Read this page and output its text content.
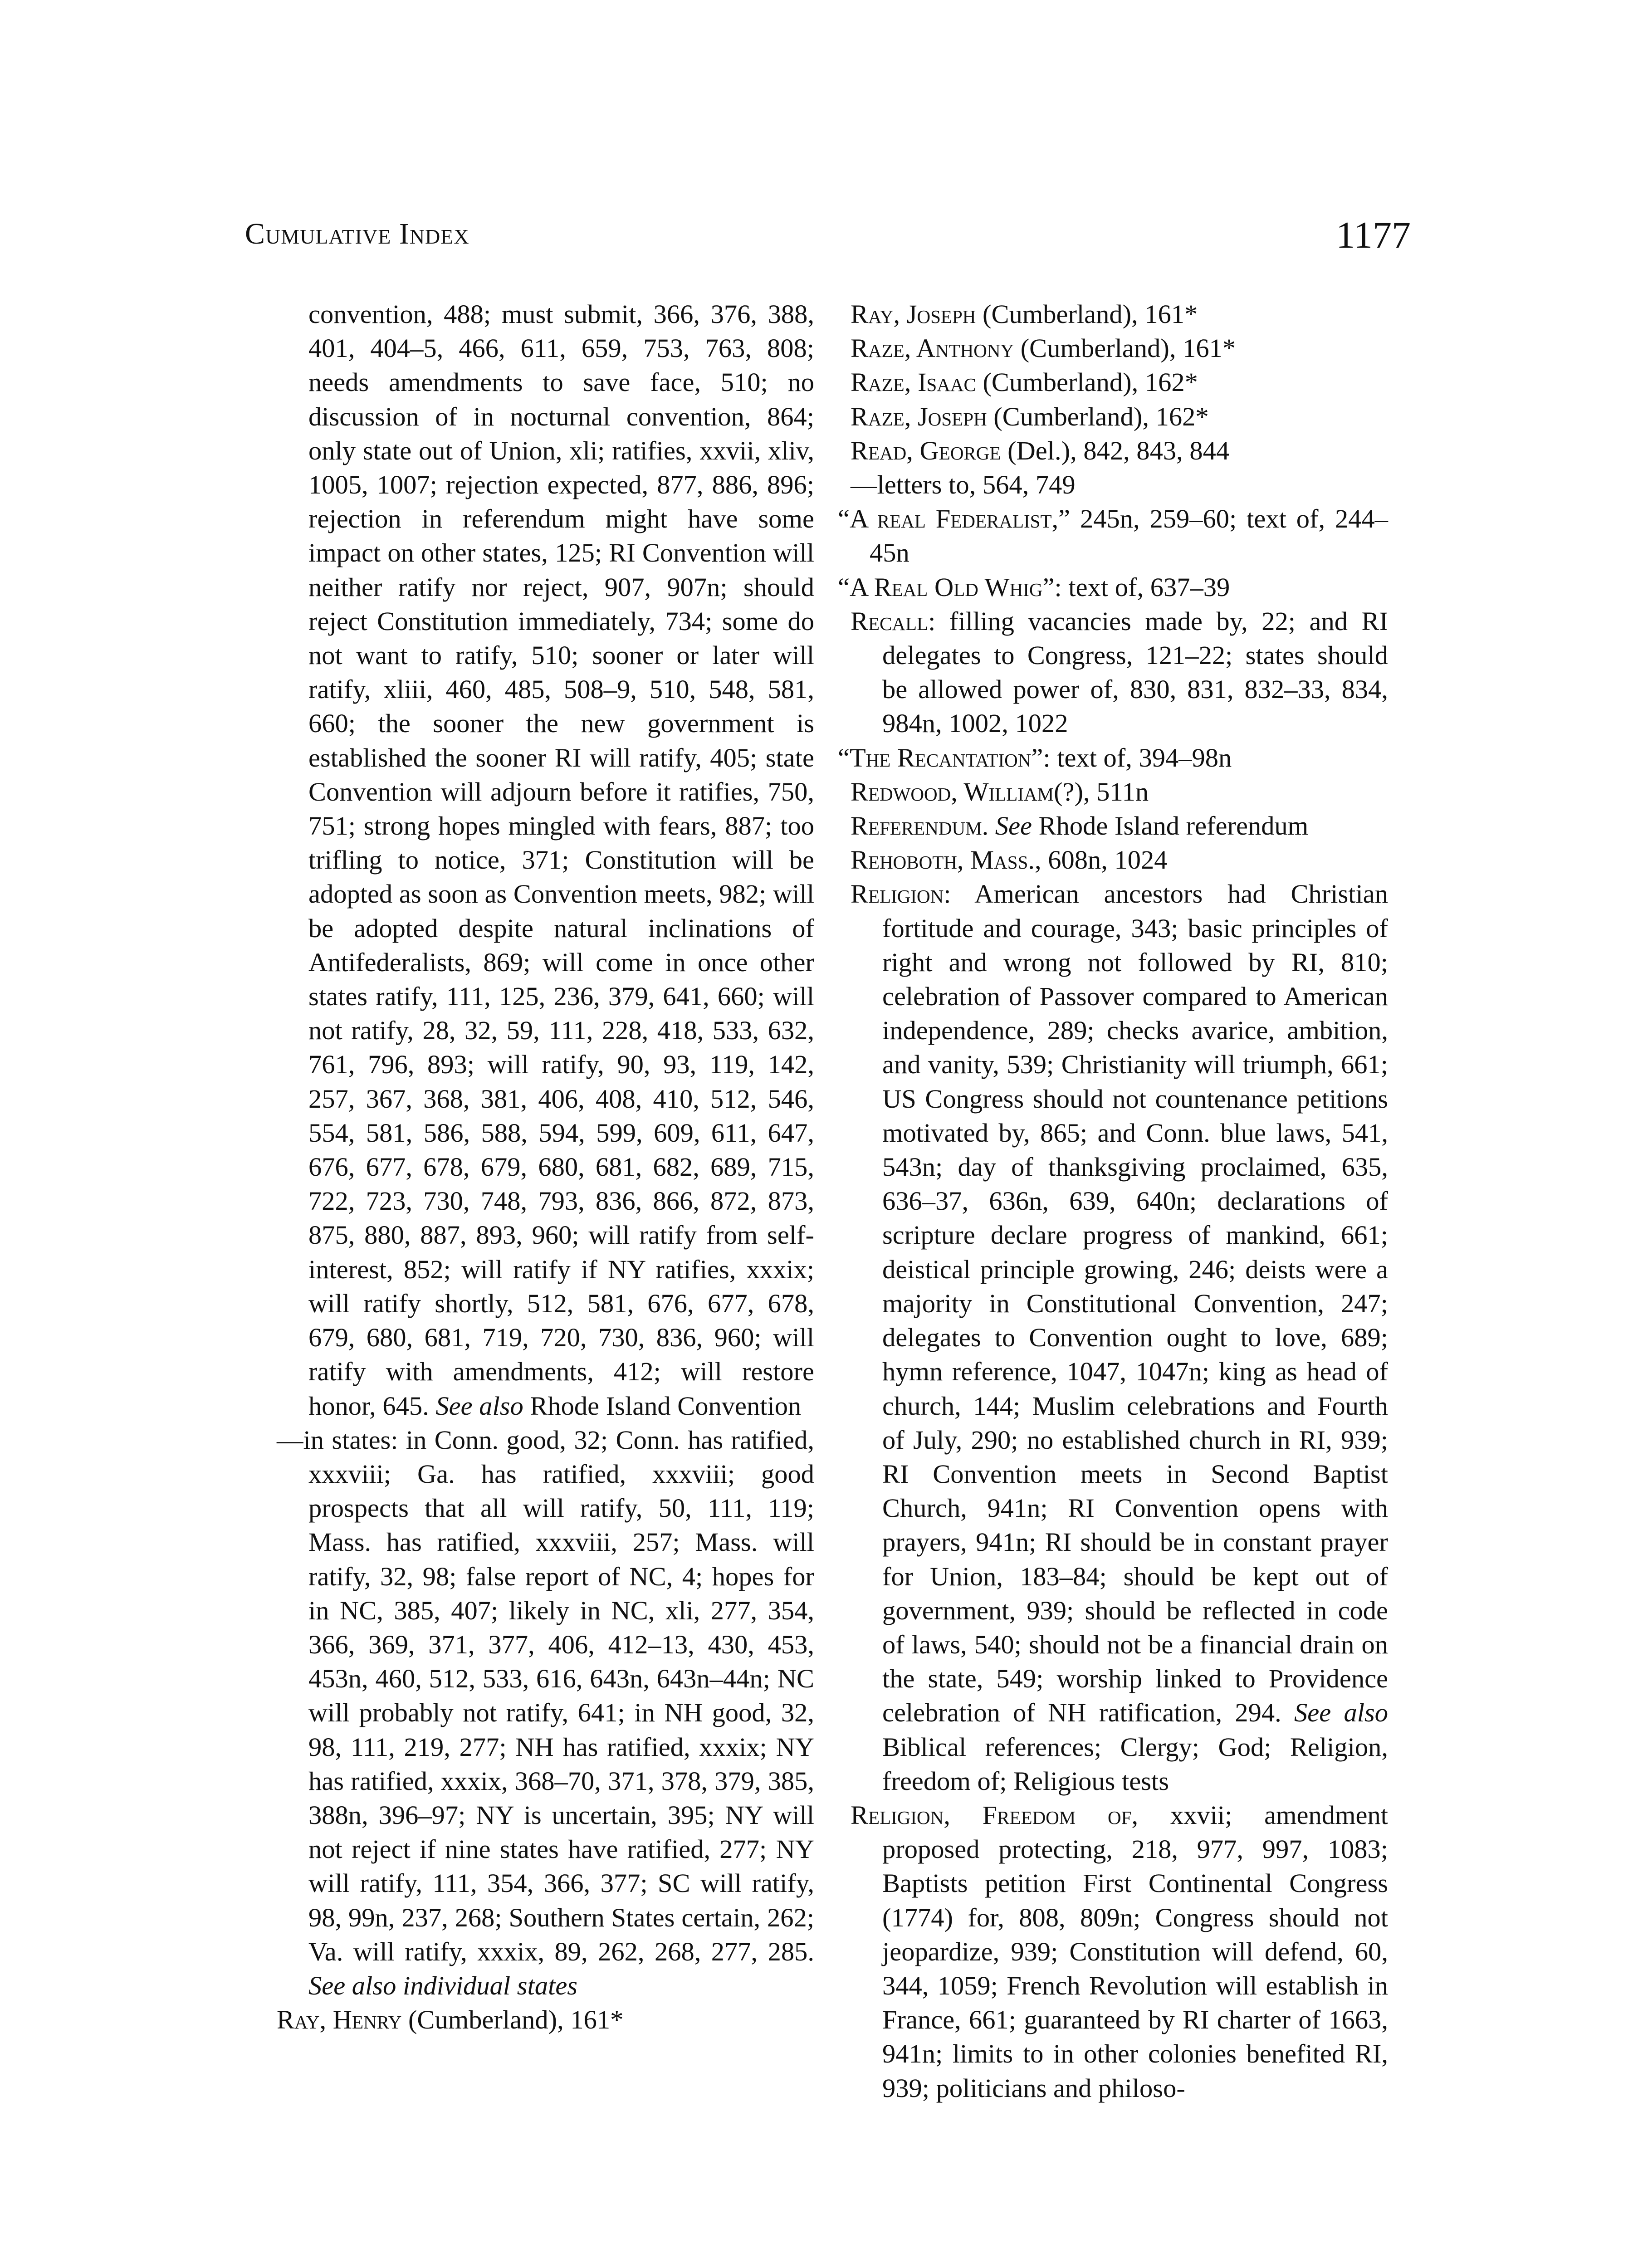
Cumulative Index	1177

convention, 488; must submit, 366, 376, 388, 401, 404–5, 466, 611, 659, 753, 763, 808; needs amendments to save face, 510; no discussion of in nocturnal convention, 864; only state out of Union, xli; ratifies, xxvii, xliv, 1005, 1007; rejection expected, 877, 886, 896; rejection in referendum might have some impact on other states, 125; RI Convention will neither ratify nor reject, 907, 907n; should reject Constitution immediately, 734; some do not want to ratify, 510; sooner or later will ratify, xliii, 460, 485, 508–9, 510, 548, 581, 660; the sooner the new government is established the sooner RI will ratify, 405; state Convention will adjourn before it ratifies, 750, 751; strong hopes mingled with fears, 887; too trifling to notice, 371; Constitution will be adopted as soon as Convention meets, 982; will be adopted despite natural inclinations of Antifederalists, 869; will come in once other states ratify, 111, 125, 236, 379, 641, 660; will not ratify, 28, 32, 59, 111, 228, 418, 533, 632, 761, 796, 893; will ratify, 90, 93, 119, 142, 257, 367, 368, 381, 406, 408, 410, 512, 546, 554, 581, 586, 588, 594, 599, 609, 611, 647, 676, 677, 678, 679, 680, 681, 682, 689, 715, 722, 723, 730, 748, 793, 836, 866, 872, 873, 875, 880, 887, 893, 960; will ratify from self-interest, 852; will ratify if NY ratifies, xxxix; will ratify shortly, 512, 581, 676, 677, 678, 679, 680, 681, 719, 720, 730, 836, 960; will ratify with amendments, 412; will restore honor, 645. See also Rhode Island Convention

—in states: in Conn. good, 32; Conn. has ratified, xxxviii; Ga. has ratified, xxxviii; good prospects that all will ratify, 50, 111, 119; Mass. has ratified, xxxviii, 257; Mass. will ratify, 32, 98; false report of NC, 4; hopes for in NC, 385, 407; likely in NC, xli, 277, 354, 366, 369, 371, 377, 406, 412–13, 430, 453, 453n, 460, 512, 533, 616, 643n, 643n–44n; NC will probably not ratify, 641; in NH good, 32, 98, 111, 219, 277; NH has ratified, xxxix; NY has ratified, xxxix, 368–70, 371, 378, 379, 385, 388n, 396–97; NY is uncertain, 395; NY will not reject if nine states have ratified, 277; NY will ratify, 111, 354, 366, 377; SC will ratify, 98, 99n, 237, 268; Southern States certain, 262; Va. will ratify, xxxix, 89, 262, 268, 277, 285. See also individual states

Ray, Henry (Cumberland), 161*

Ray, Joseph (Cumberland), 161*

Raze, Anthony (Cumberland), 161*

Raze, Isaac (Cumberland), 162*

Raze, Joseph (Cumberland), 162*

Read, George (Del.), 842, 843, 844

—letters to, 564, 749

“A real Federalist,” 245n, 259–60; text of, 244–45n

“A Real Old Whig”: text of, 637–39

Recall: filling vacancies made by, 22; and RI delegates to Congress, 121–22; states should be allowed power of, 830, 831, 832–33, 834, 984n, 1002, 1022

“The Recantation”: text of, 394–98n

Redwood, William(?), 511n

Referendum. See Rhode Island referendum

Rehoboth, Mass., 608n, 1024

Religion: American ancestors had Christian fortitude and courage, 343; basic principles of right and wrong not followed by RI, 810; celebration of Passover compared to American independence, 289; checks avarice, ambition, and vanity, 539; Christianity will triumph, 661; US Congress should not countenance petitions motivated by, 865; and Conn. blue laws, 541, 543n; day of thanksgiving proclaimed, 635, 636–37, 636n, 639, 640n; declarations of scripture declare progress of mankind, 661; deistical principle growing, 246; deists were a majority in Constitutional Convention, 247; delegates to Convention ought to love, 689; hymn reference, 1047, 1047n; king as head of church, 144; Muslim celebrations and Fourth of July, 290; no established church in RI, 939; RI Convention meets in Second Baptist Church, 941n; RI Convention opens with prayers, 941n; RI should be in constant prayer for Union, 183–84; should be kept out of government, 939; should be reflected in code of laws, 540; should not be a financial drain on the state, 549; worship linked to Providence celebration of NH ratification, 294. See also Biblical references; Clergy; God; Religion, freedom of; Religious tests

Religion, Freedom of, xxvii; amendment proposed protecting, 218, 977, 997, 1083; Baptists petition First Continental Congress (1774) for, 808, 809n; Congress should not jeopardize, 939; Constitution will defend, 60, 344, 1059; French Revolution will establish in France, 661; guaranteed by RI charter of 1663, 941n; limits to in other colonies benefited RI, 939; politicians and philoso-
